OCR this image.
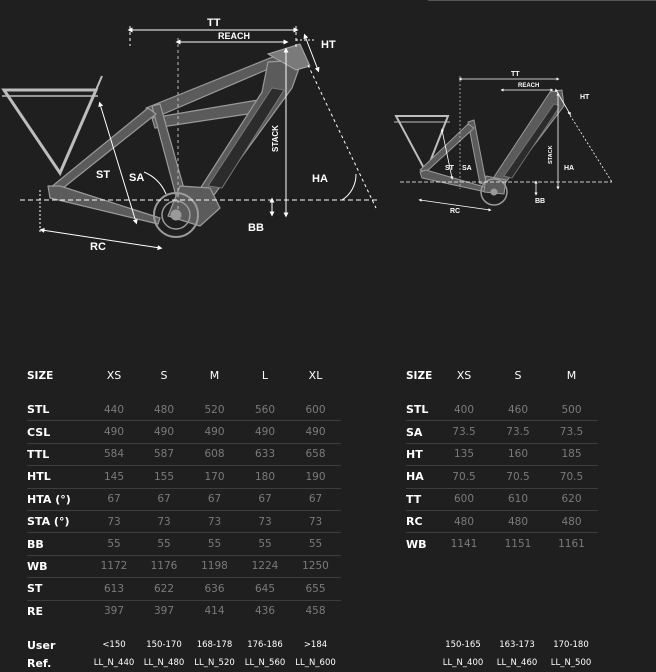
TT
REACH
HT
ST SA	HA
BB
RC
STACK
TT
REACH
HT
ST SA	HA
BB
RC
STACK
SIZE	XS	S	M	L	XL

STL	440	480	520	560	600
CSL	490	490	490	490	490
TTL	584	587	608	633	658
HTL	145	155	170	180	190
HTA (°)	67	67	67	67	67
STA (°)	73	73	73	73	73
BB	55	55	55	55	55
WB	1172	1176	1198	1224	1250
ST	613	622	636	645	655
RE	397	397	414	436	458
SIZE	XS	S	M

STL	400	460	500
SA	73.5	73.5	73.5
HT	135	160	185
HA	70.5	70.5	70.5
TT	600	610	620
RC	480	480	480
WB	1141	1151	1161
User	<150	150-170	168-178	176-186	>184
Ref.	LL_N_440	LL_N_480	LL_N_520	LL_N_560	LL_N_600
150-165	163-173	170-180
LL_N_400	LL_N_460	LL_N_500
